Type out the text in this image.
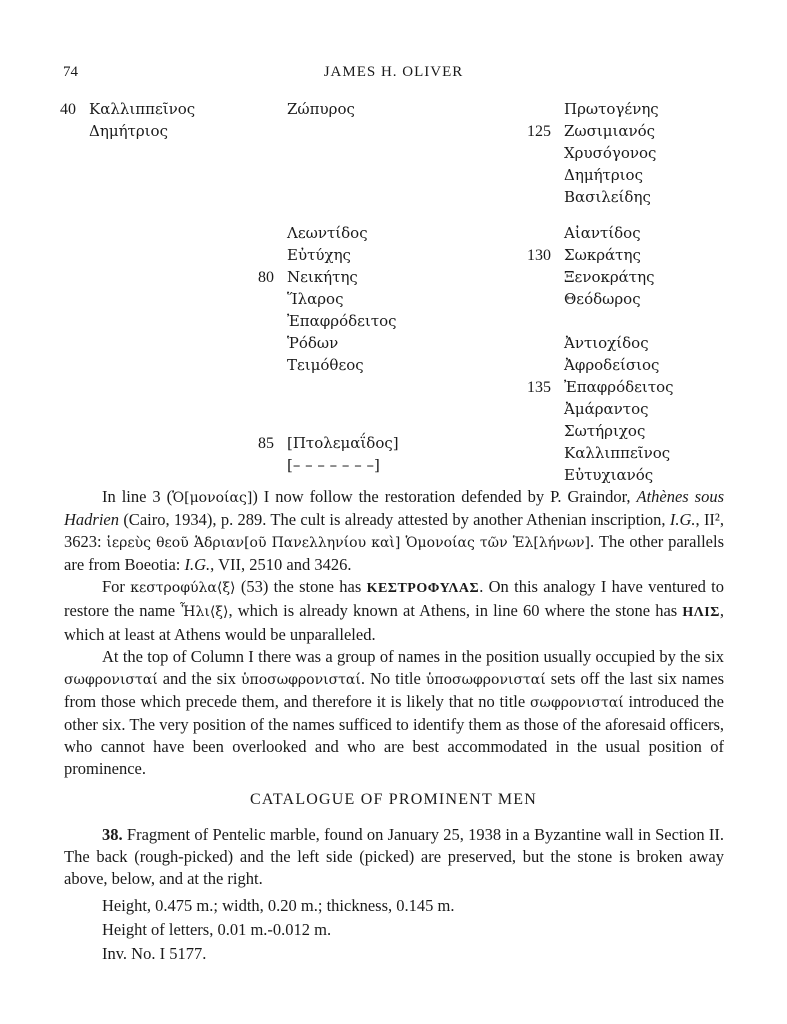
74	JAMES H. OLIVER
40 Καλλιππεῖνος
Δημήτριος
Ζώπυρος
Λεωντίδος
Εὐτύχης
80 Νεικήτης
Ἵλαρος
Ἐπαφρόδειτος
Ῥόδων
Τειμόθεος
85 [Πτολεμαΐδος]
[– – – – – – –]
Πρωτογένης
125 Ζωσιμιανός
Χρυσόγονος
Δημήτριος
Βασιλείδης
Αἰαντίδος
130 Σωκράτης
Ξενοκράτης
Θεόδωρος
Ἀντιοχίδος
Ἀφροδείσιος
135 Ἐπαφρόδειτος
Ἀμάραντος
Σωτήριχος
Καλλιππεῖνος
Εὐτυχιανός

In line 3 (Ὁ[μονοίας]) I now follow the restoration defended by P. Graindor, Athènes sous Hadrien (Cairo, 1934), p. 289. The cult is already attested by another Athenian inscription, I.G., II², 3623: ἱερεὺς θεοῦ Ἁδριαν[οῦ Πανελληνίου καὶ] Ὁμονοίας τῶν Ἑλ[λήνων]. The other parallels are from Boeotia: I.G., VII, 2510 and 3426.

For κεστροφύλα⟨ξ⟩ (53) the stone has ΚΕΣΤΡΟΦΥΛΑΣ. On this analogy I have ventured to restore the name Ἧλι⟨ξ⟩, which is already known at Athens, in line 60 where the stone has ΗΛΙΣ, which at least at Athens would be unparalleled.

At the top of Column I there was a group of names in the position usually occupied by the six σωφρονισταί and the six ὑποσωφρονισταί. No title ὑποσωφρονισταί sets off the last six names from those which precede them, and therefore it is likely that no title σωφρονισταί introduced the other six. The very position of the names sufficed to identify them as those of the aforesaid officers, who cannot have been overlooked and who are best accommodated in the usual position of prominence.

CATALOGUE OF PROMINENT MEN

38. Fragment of Pentelic marble, found on January 25, 1938 in a Byzantine wall in Section ΙΙ. The back (rough-picked) and the left side (picked) are preserved, but the stone is broken away above, below, and at the right.

Height, 0.475 m.; width, 0.20 m.; thickness, 0.145 m.
Height of letters, 0.01 m.-0.012 m.
Inv. No. I 5177.
